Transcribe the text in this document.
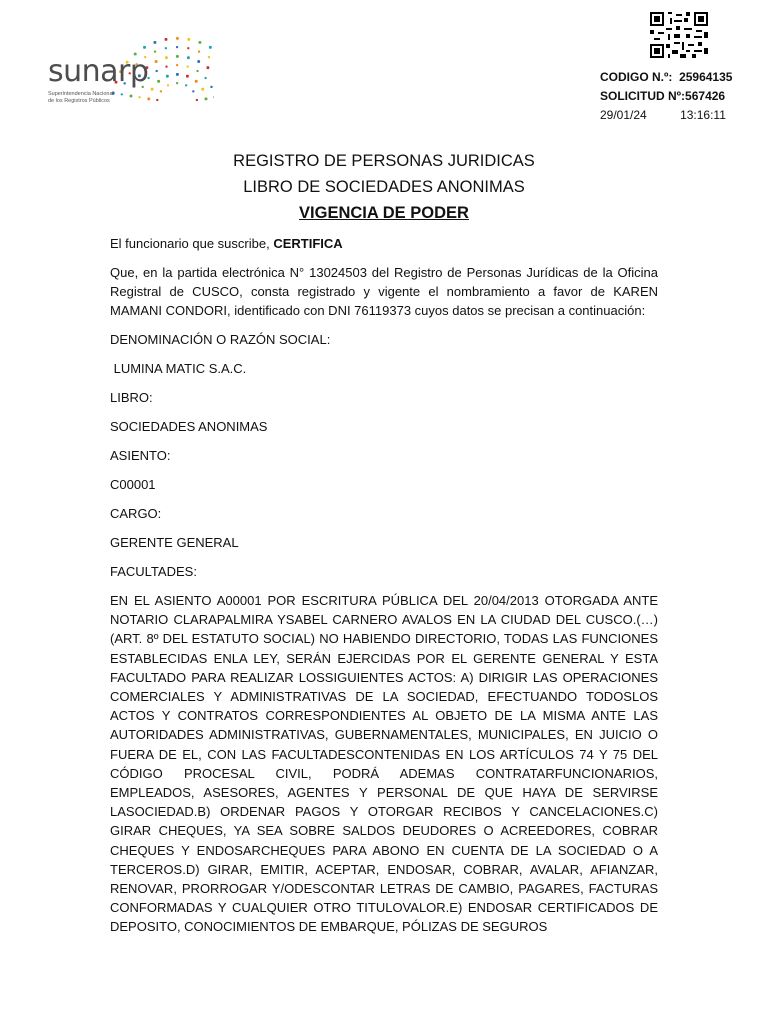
sunarp
Superintendencia Nacional
de los Registros Públicos
CODIGO N.º: 25964135
SOLICITUD Nº:567426
29/01/24	13:16:11
REGISTRO DE PERSONAS JURIDICAS
LIBRO DE SOCIEDADES ANONIMAS
VIGENCIA DE PODER

El funcionario que suscribe, CERTIFICA

Que, en la partida electrónica N° 13024503 del Registro de Personas Jurídicas de la Oficina Registral de CUSCO, consta registrado y vigente el nombramiento a favor de KAREN MAMANI CONDORI, identificado con DNI 76119373 cuyos datos se precisan a continuación:

DENOMINACIÓN O RAZÓN SOCIAL:

LUMINA MATIC S.A.C.

LIBRO:

SOCIEDADES ANONIMAS

ASIENTO:

C00001

CARGO:

GERENTE GENERAL

FACULTADES:

EN EL ASIENTO A00001 POR ESCRITURA PÚBLICA DEL 20/04/2013 OTORGADA ANTE NOTARIO CLARAPALMIRA YSABEL CARNERO AVALOS EN LA CIUDAD DEL CUSCO.(…) (ART. 8º DEL ESTATUTO SOCIAL) NO HABIENDO DIRECTORIO, TODAS LAS FUNCIONES ESTABLECIDAS ENLA LEY, SERÁN EJERCIDAS POR EL GERENTE GENERAL Y ESTA FACULTADO PARA REALIZAR LOSSIGUIENTES ACTOS: A) DIRIGIR LAS OPERACIONES COMERCIALES Y ADMINISTRATIVAS DE LA SOCIEDAD, EFECTUANDO TODOSLOS ACTOS Y CONTRATOS CORRESPONDIENTES AL OBJETO DE LA MISMA ANTE LAS AUTORIDADES ADMINISTRATIVAS, GUBERNAMENTALES, MUNICIPALES, EN JUICIO O FUERA DE EL, CON LAS FACULTADESCONTENIDAS EN LOS ARTÍCULOS 74 Y 75 DEL CÓDIGO PROCESAL CIVIL, PODRÁ ADEMAS CONTRATARFUNCIONARIOS, EMPLEADOS, ASESORES, AGENTES Y PERSONAL DE QUE HAYA DE SERVIRSE LASOCIEDAD.B) ORDENAR PAGOS Y OTORGAR RECIBOS Y CANCELACIONES.C) GIRAR CHEQUES, YA SEA SOBRE SALDOS DEUDORES O ACREEDORES, COBRAR CHEQUES Y ENDOSARCHEQUES PARA ABONO EN CUENTA DE LA SOCIEDAD O A TERCEROS.D) GIRAR, EMITIR, ACEPTAR, ENDOSAR, COBRAR, AVALAR, AFIANZAR, RENOVAR, PRORROGAR Y/ODESCONTAR LETRAS DE CAMBIO, PAGARES, FACTURAS CONFORMADAS Y CUALQUIER OTRO TITULOVALOR.E) ENDOSAR CERTIFICADOS DE DEPOSITO, CONOCIMIENTOS DE EMBARQUE, PÓLIZAS DE SEGUROS
